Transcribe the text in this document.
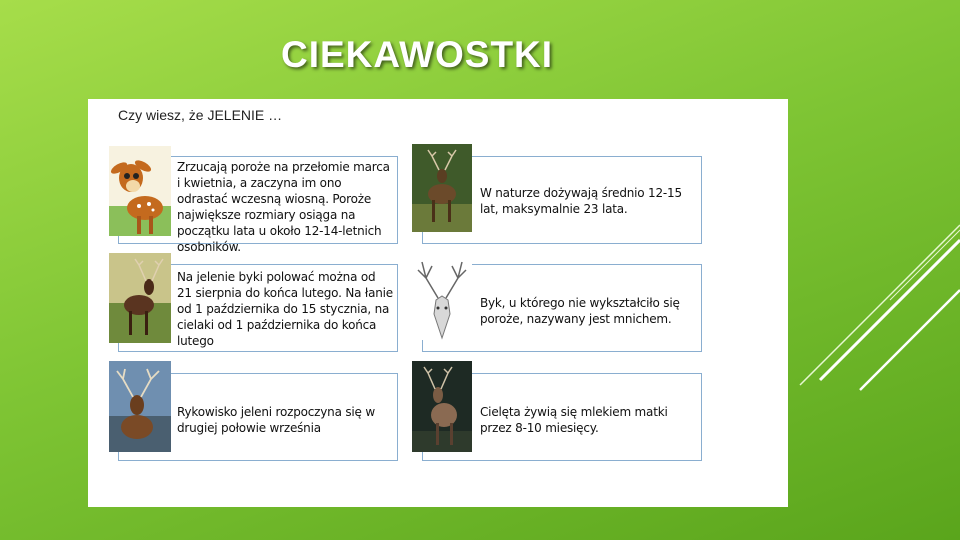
CIEKAWOSTKI
Czy wiesz, że JELENIE …
Zrzucają poroże na przełomie marca i kwietnia, a zaczyna im ono odrastać wczesną wiosną. Poroże największe rozmiary osiąga na początku lata u około 12-14-letnich osobników.
W naturze dożywają średnio 12-15 lat, maksymalnie 23 lata.
Na jelenie byki polować można od 21 sierpnia do końca lutego. Na łanie od 1 października do 15 stycznia, na cielaki od 1 października do końca lutego
Byk, u którego nie wykształciło się poroże, nazywany jest mnichem.
Rykowisko jeleni rozpoczyna się w drugiej połowie września
Cielęta żywią się mlekiem matki przez 8-10 miesięcy.
